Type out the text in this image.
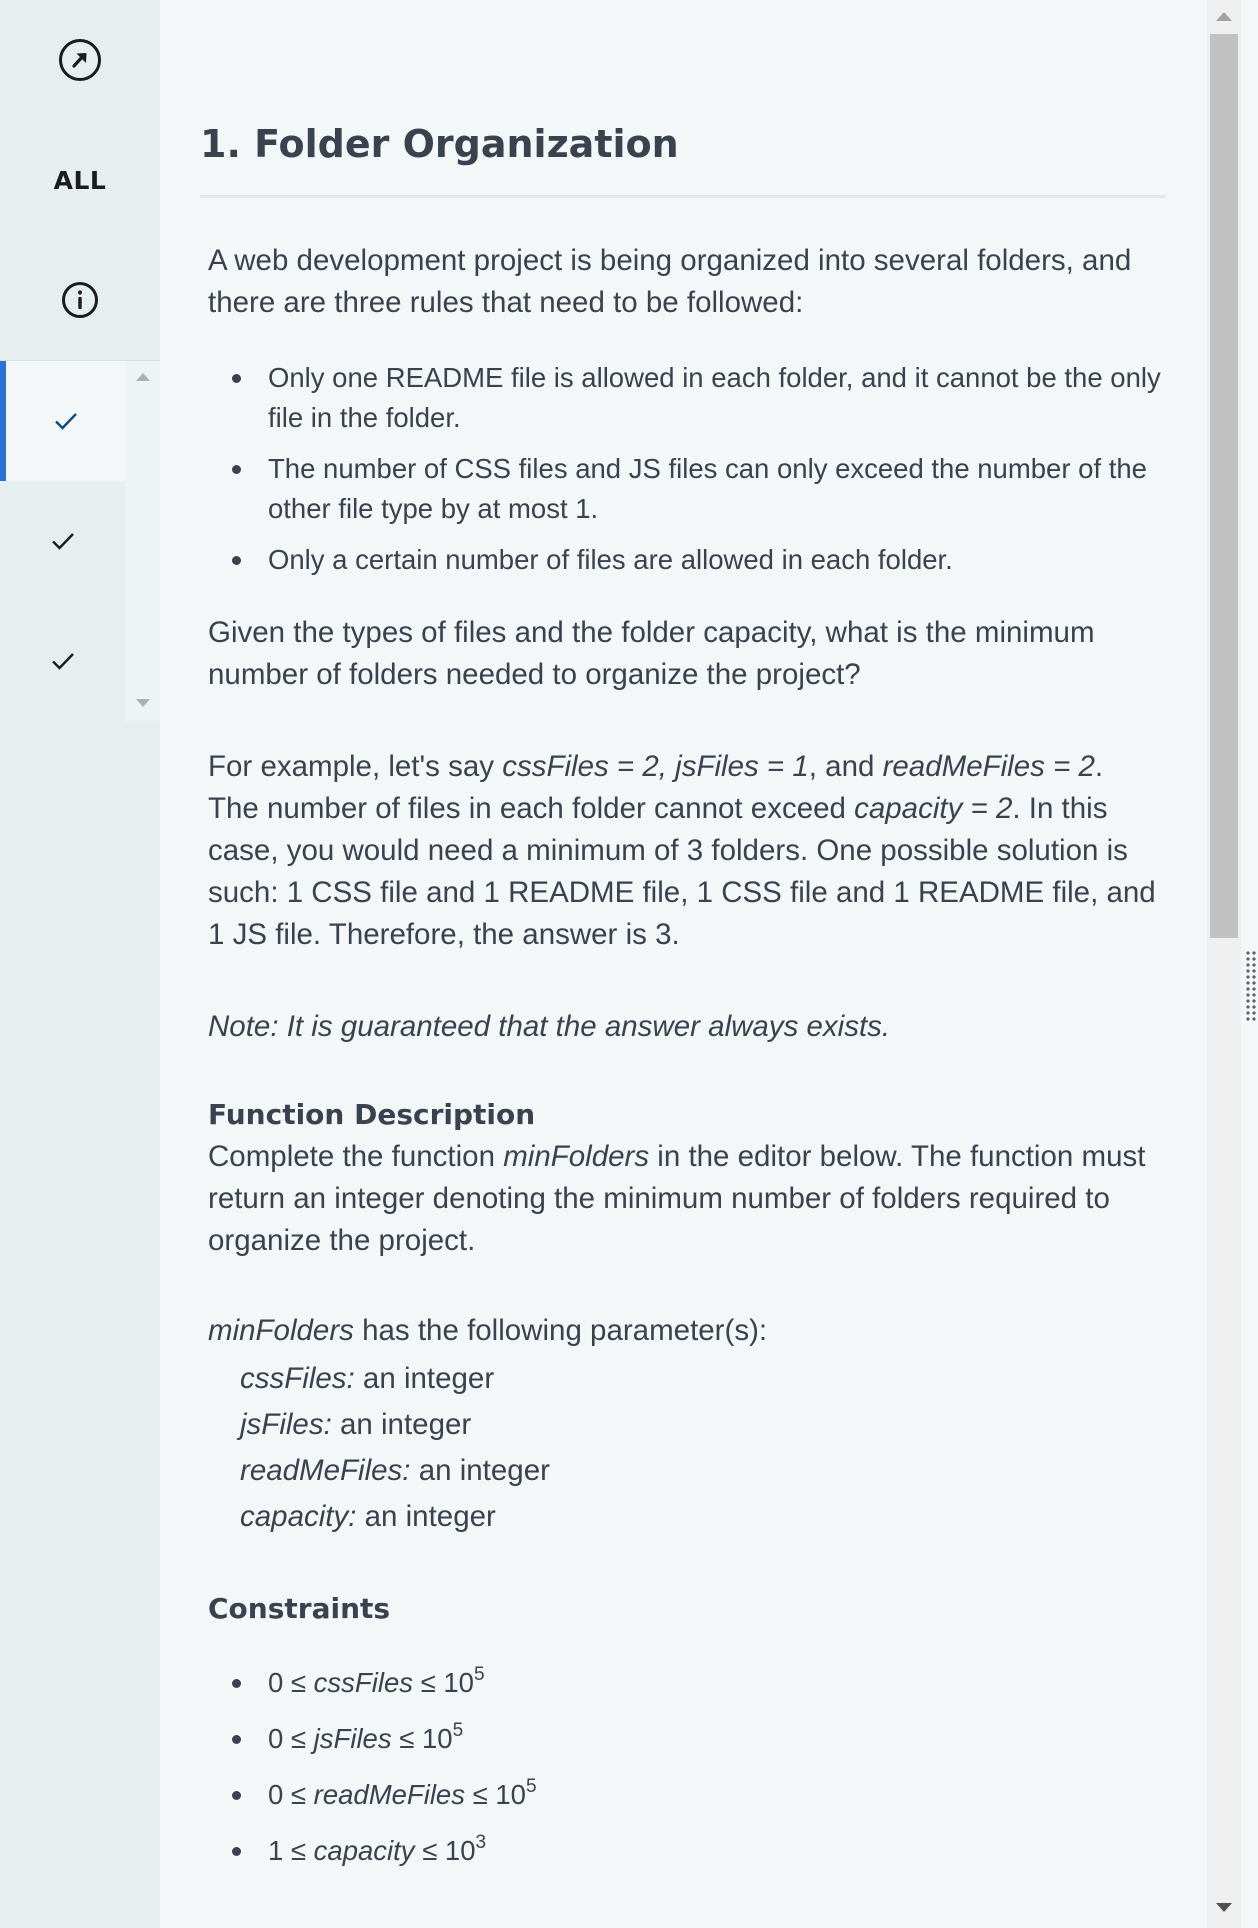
ALL
1. Folder Organization

A web development project is being organized into several folders, and there are three rules that need to be followed:

Only one README file is allowed in each folder, and it cannot be the only file in the folder.
The number of CSS files and JS files can only exceed the number of the other file type by at most 1.
Only a certain number of files are allowed in each folder.

Given the types of files and the folder capacity, what is the minimum number of folders needed to organize the project?

For example, let's say cssFiles = 2, jsFiles = 1, and readMeFiles = 2. The number of files in each folder cannot exceed capacity = 2. In this case, you would need a minimum of 3 folders. One possible solution is such: 1 CSS file and 1 README file, 1 CSS file and 1 README file, and 1 JS file. Therefore, the answer is 3.

Note: It is guaranteed that the answer always exists.

Function Description

Complete the function minFolders in the editor below. The function must return an integer denoting the minimum number of folders required to organize the project.

minFolders has the following parameter(s):

cssFiles: an integer
jsFiles: an integer
readMeFiles: an integer
capacity: an integer
Constraints
0 ≤ cssFiles ≤ $10^5$
0 ≤ jsFiles ≤ $10^5$
0 ≤ readMeFiles ≤ $10^5$
1 ≤ capacity ≤ $10^3$
